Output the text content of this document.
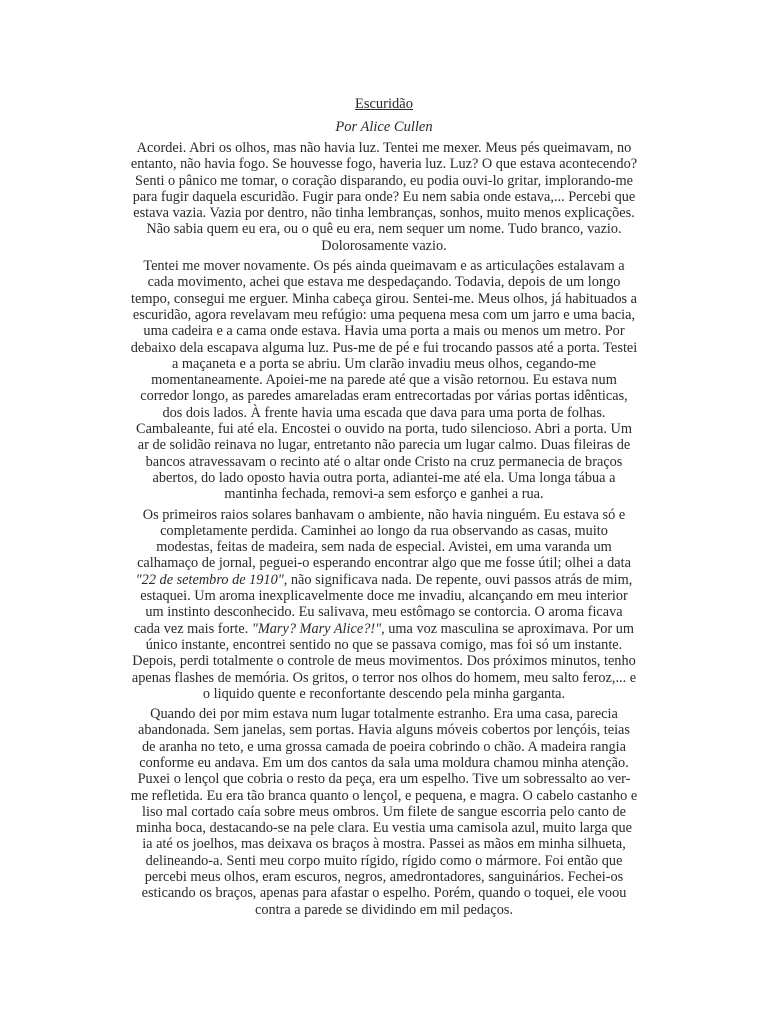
Escuridão
Por Alice Cullen
Acordei. Abri os olhos, mas não havia luz. Tentei me mexer. Meus pés queimavam, no
entanto, não havia fogo. Se houvesse fogo, haveria luz. Luz? O que estava acontecendo?
Senti o pânico me tomar, o coração disparando, eu podia ouvi-lo gritar, implorando-me
para fugir daquela escuridão. Fugir para onde? Eu nem sabia onde estava,... Percebi que
estava vazia. Vazia por dentro, não tinha lembranças, sonhos, muito menos explicações.
Não sabia quem eu era, ou o quê eu era, nem sequer um nome. Tudo branco, vazio.
Dolorosamente vazio.
Tentei me mover novamente. Os pés ainda queimavam e as articulações estalavam a
cada movimento, achei que estava me despedaçando. Todavia, depois de um longo
tempo, consegui me erguer. Minha cabeça girou. Sentei-me. Meus olhos, já habituados a
escuridão, agora revelavam meu refúgio: uma pequena mesa com um jarro e uma bacia,
uma cadeira e a cama onde estava. Havia uma porta a mais ou menos um metro. Por
debaixo dela escapava alguma luz. Pus-me de pé e fui trocando passos até a porta. Testei
a maçaneta e a porta se abriu. Um clarão invadiu meus olhos, cegando-me
momentaneamente. Apoiei-me na parede até que a visão retornou. Eu estava num
corredor longo, as paredes amareladas eram entrecortadas por várias portas idênticas,
dos dois lados. À frente havia uma escada que dava para uma porta de folhas.
Cambaleante, fui até ela. Encostei o ouvido na porta, tudo silencioso. Abri a porta. Um
ar de solidão reinava no lugar, entretanto não parecia um lugar calmo. Duas fileiras de
bancos atravessavam o recinto até o altar onde Cristo na cruz permanecia de braços
abertos, do lado oposto havia outra porta, adiantei-me até ela. Uma longa tábua a
mantinha fechada, removi-a sem esforço e ganhei a rua.
Os primeiros raios solares banhavam o ambiente, não havia ninguém. Eu estava só e
completamente perdida. Caminhei ao longo da rua observando as casas, muito
modestas, feitas de madeira, sem nada de especial. Avistei, em uma varanda um
calhamaço de jornal, peguei-o esperando encontrar algo que me fosse útil; olhei a data
"22 de setembro de 1910", não significava nada. De repente, ouvi passos atrás de mim,
estaquei. Um aroma inexplicavelmente doce me invadiu, alcançando em meu interior
um instinto desconhecido. Eu salivava, meu estômago se contorcia. O aroma ficava
cada vez mais forte. "Mary? Mary Alice?!", uma voz masculina se aproximava. Por um
único instante, encontrei sentido no que se passava comigo, mas foi só um instante.
Depois, perdi totalmente o controle de meus movimentos. Dos próximos minutos, tenho
apenas flashes de memória. Os gritos, o terror nos olhos do homem, meu salto feroz,... e
o liquido quente e reconfortante descendo pela minha garganta.
Quando dei por mim estava num lugar totalmente estranho. Era uma casa, parecia
abandonada. Sem janelas, sem portas. Havia alguns móveis cobertos por lençóis, teias
de aranha no teto, e uma grossa camada de poeira cobrindo o chão. A madeira rangia
conforme eu andava. Em um dos cantos da sala uma moldura chamou minha atenção.
Puxei o lençol que cobria o resto da peça, era um espelho. Tive um sobressalto ao ver-
me refletida. Eu era tão branca quanto o lençol, e pequena, e magra. O cabelo castanho e
liso mal cortado caía sobre meus ombros. Um filete de sangue escorria pelo canto de
minha boca, destacando-se na pele clara. Eu vestia uma camisola azul, muito larga que
ia até os joelhos, mas deixava os braços à mostra. Passei as mãos em minha silhueta,
delineando-a. Senti meu corpo muito rígido, rígido como o mármore. Foi então que
percebi meus olhos, eram escuros, negros, amedrontadores, sanguinários. Fechei-os
esticando os braços, apenas para afastar o espelho. Porém, quando o toquei, ele voou
contra a parede se dividindo em mil pedaços.
